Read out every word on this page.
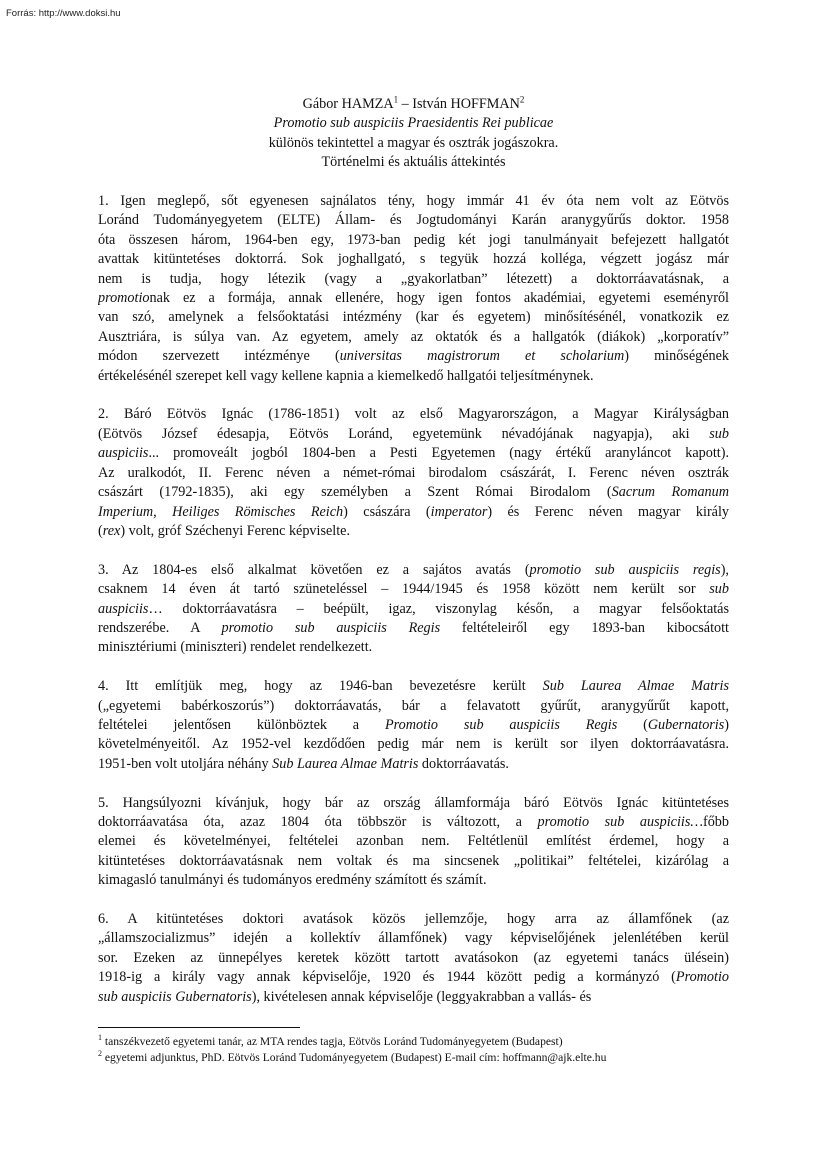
Forrás: http://www.doksi.hu
Gábor HAMZA$^1$ – István HOFFMAN$^2$
Promotio sub auspiciis Praesidentis Rei publicae
különös tekintettel a magyar és osztrák jogászokra.
Történelmi és aktuális áttekintés

1. Igen meglepő, sőt egyenesen sajnálatos tény, hogy immár 41 év óta nem volt az Eötvös
Loránd Tudományegyetem (ELTE) Állam- és Jogtudományi Karán aranygyűrűs doktor. 1958
óta összesen három, 1964-ben egy, 1973-ban pedig két jogi tanulmányait befejezett hallgatót
avattak kitüntetéses doktorrá. Sok joghallgató, s tegyük hozzá kolléga, végzett jogász már
nem is tudja, hogy létezik (vagy a „gyakorlatban” létezett) a doktorráavatásnak, a
promotionak ez a formája, annak ellenére, hogy igen fontos akadémiai, egyetemi eseményről
van szó, amelynek a felsőoktatási intézmény (kar és egyetem) minősítésénél, vonatkozik ez
Ausztriára, is súlya van. Az egyetem, amely az oktatók és a hallgatók (diákok) „korporatív”
módon szervezett intézménye (universitas magistrorum et scholarium) minőségének
értékelésénél szerepet kell vagy kellene kapnia a kiemelkedő hallgatói teljesítménynek.

2. Báró Eötvös Ignác (1786-1851) volt az első Magyarországon, a Magyar Királyságban
(Eötvös József édesapja, Eötvös Loránd, egyetemünk névadójának nagyapja), aki sub
auspiciis... promoveált jogból 1804-ben a Pesti Egyetemen (nagy értékű aranyláncot kapott).
Az uralkodót, II. Ferenc néven a német-római birodalom császárát, I. Ferenc néven osztrák
császárt (1792-1835), aki egy személyben a Szent Római Birodalom (Sacrum Romanum
Imperium, Heiliges Römisches Reich) császára (imperator) és Ferenc néven magyar király
(rex) volt, gróf Széchenyi Ferenc képviselte.

3. Az 1804-es első alkalmat követően ez a sajátos avatás (promotio sub auspiciis regis),
csaknem 14 éven át tartó szüneteléssel – 1944/1945 és 1958 között nem került sor sub
auspiciis… doktorráavatásra – beépült, igaz, viszonylag későn, a magyar felsőoktatás
rendszerébe. A promotio sub auspiciis Regis feltételeiről egy 1893-ban kibocsátott
minisztériumi (miniszteri) rendelet rendelkezett.

4. Itt említjük meg, hogy az 1946-ban bevezetésre került Sub Laurea Almae Matris
(„egyetemi babérkoszorús”) doktorráavatás, bár a felavatott gyűrűt, aranygyűrűt kapott,
feltételei jelentősen különböztek a Promotio sub auspiciis Regis (Gubernatoris)
követelményeitől. Az 1952-vel kezdődően pedig már nem is került sor ilyen doktorráavatásra.
1951-ben volt utoljára néhány Sub Laurea Almae Matris doktorráavatás.

5. Hangsúlyozni kívánjuk, hogy bár az ország államformája báró Eötvös Ignác kitüntetéses
doktorráavatása óta, azaz 1804 óta többször is változott, a promotio sub auspiciis…főbb
elemei és követelményei, feltételei azonban nem. Feltétlenül említést érdemel, hogy a
kitüntetéses doktorráavatásnak nem voltak és ma sincsenek „politikai” feltételei, kizárólag a
kimagasló tanulmányi és tudományos eredmény számított és számít.

6. A kitüntetéses doktori avatások közös jellemzője, hogy arra az államfőnek (az
„államszocializmus” idején a kollektív államfőnek) vagy képviselőjének jelenlétében kerül
sor. Ezeken az ünnepélyes keretek között tartott avatásokon (az egyetemi tanács ülésein)
1918-ig a király vagy annak képviselője, 1920 és 1944 között pedig a kormányzó (Promotio
sub auspiciis Gubernatoris), kivételesen annak képviselője (leggyakrabban a vallás- és

$^1$ tanszékvezető egyetemi tanár, az MTA rendes tagja, Eötvös Loránd Tudományegyetem (Budapest)
$^2$ egyetemi adjunktus, PhD. Eötvös Loránd Tudományegyetem (Budapest) E-mail cím: hoffmann@ajk.elte.hu
